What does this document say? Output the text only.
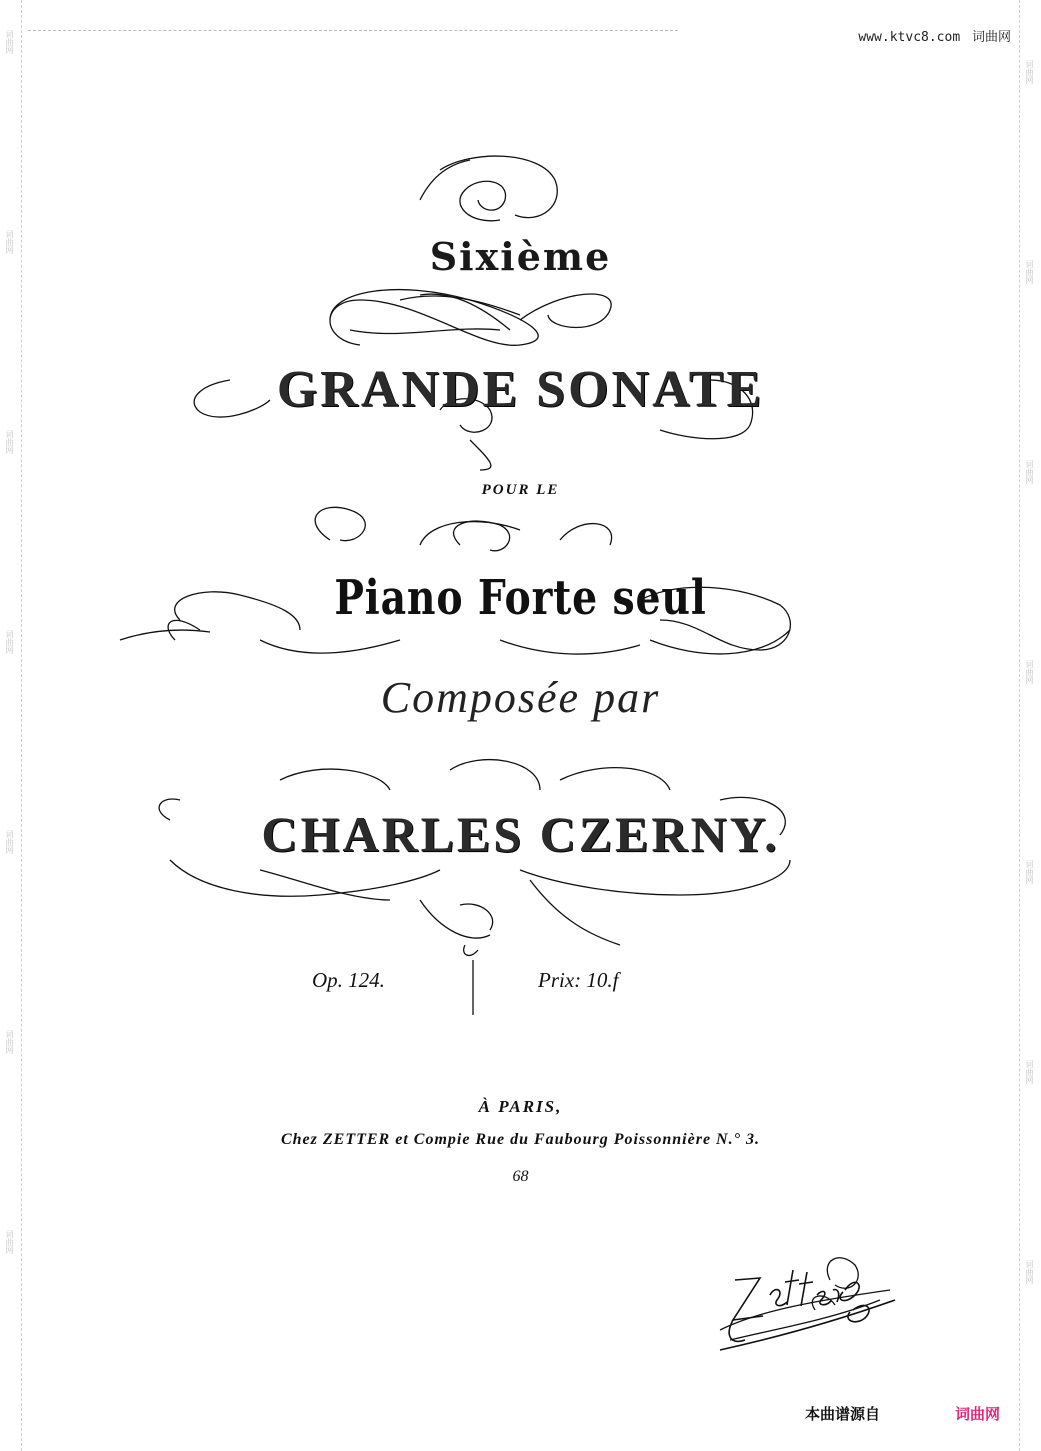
词曲网
词曲网
词曲网
词曲网
词曲网
词曲网
词曲网
词曲网
词曲网
词曲网
词曲网
词曲网
词曲网
词曲网
www.ktvc8.com 词曲网
Sixième
GRANDE SONATE
POUR LE
Piano Forte seul
Composée par
CHARLES CZERNY.
Op. 124.	Prix: 10.f
À PARIS,
Chez ZETTER et Compie Rue du Faubourg Poissonnière N.° 3.
68
本曲谱源自	词曲网
